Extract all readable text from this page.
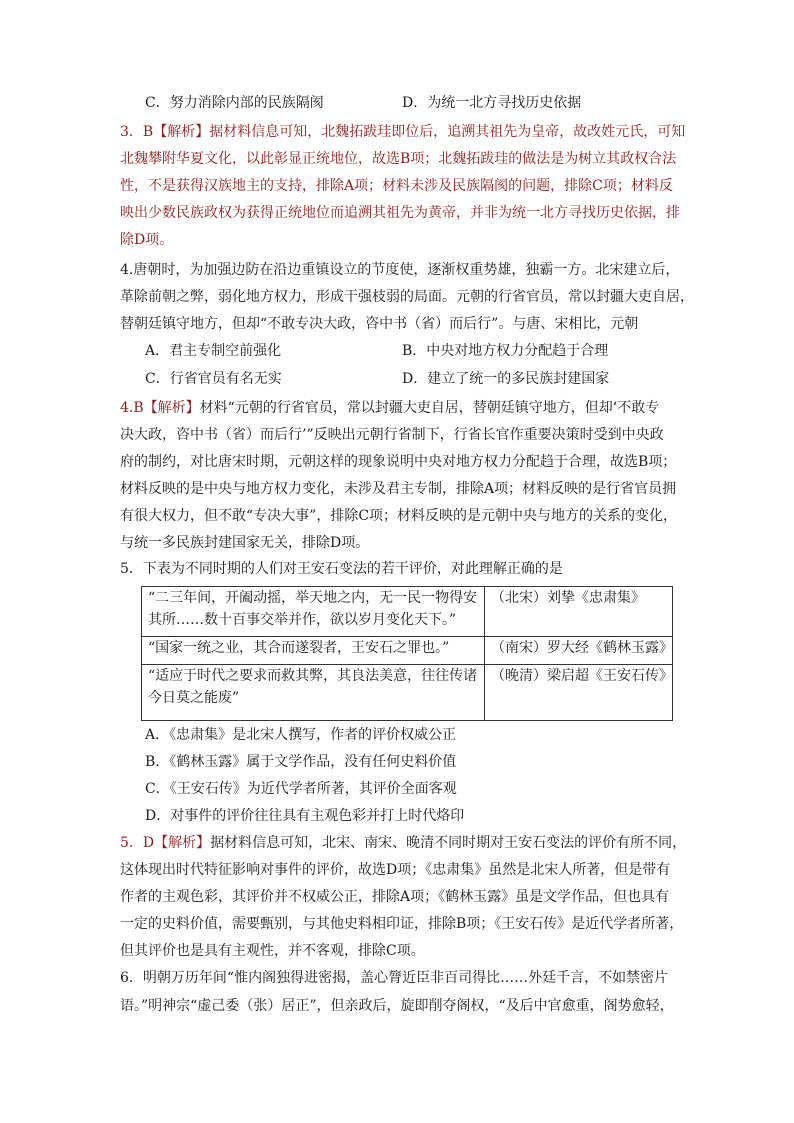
C．努力消除内部的民族隔阂	D．为统一北方寻找历史依据
3．B【解析】据材料信息可知，北魏拓跋珪即位后，追溯其祖先为皇帝，故改姓元氏，可知
北魏攀附华夏文化，以此彰显正统地位，故选B项；北魏拓跋珪的做法是为树立其政权合法
性，不是获得汉族地主的支持，排除A项；材料未涉及民族隔阂的问题，排除C项；材料反
映出少数民族政权为获得正统地位而追溯其祖先为黄帝，并非为统一北方寻找历史依据，排
除D项。
4.唐朝时，为加强边防在沿边重镇设立的节度使，逐渐权重势雄，独霸一方。北宋建立后，
革除前朝之弊，弱化地方权力，形成干强枝弱的局面。元朝的行省官员，常以封疆大吏自居，
替朝廷镇守地方，但却“不敢专决大政，咨中书（省）而后行”。与唐、宋相比，元朝
A．君主专制空前强化	B．中央对地方权力分配趋于合理
C．行省官员有名无实	D．建立了统一的多民族封建国家
4.B【解析】材料“元朝的行省官员，常以封疆大吏自居，替朝廷镇守地方，但却‘不敢专
决大政，咨中书（省）而后行’”反映出元朝行省制下，行省长官作重要决策时受到中央政
府的制约，对比唐宋时期，元朝这样的现象说明中央对地方权力分配趋于合理，故选B项；
材料反映的是中央与地方权力变化，未涉及君主专制，排除A项；材料反映的是行省官员拥
有很大权力，但不敢“专决大事”，排除C项；材料反映的是元朝中央与地方的关系的变化，
与统一多民族封建国家无关，排除D项。
5．下表为不同时期的人们对王安石变法的若干评价，对此理解正确的是
“二三年间，开阖动摇，举天地之内，无一民一物得安其所……数十百事交举并作，欲以岁月变化天下。”	（北宋）刘挚《忠肃集》
“国家一统之业，其合而遂裂者，王安石之罪也。”	（南宋）罗大经《鹤林玉露》
“适应于时代之要求而救其弊，其良法美意，往往传诸今日莫之能废”	（晚清）梁启超《王安石传》
A．《忠肃集》是北宋人撰写，作者的评价权威公正
B．《鹤林玉露》属于文学作品，没有任何史料价值
C．《王安石传》为近代学者所著，其评价全面客观
D．对事件的评价往往具有主观色彩并打上时代烙印
5．D【解析】据材料信息可知，北宋、南宋、晚清不同时期对王安石变法的评价有所不同，
这体现出时代特征影响对事件的评价，故选D项；《忠肃集》虽然是北宋人所著，但是带有
作者的主观色彩，其评价并不权威公正，排除A项；《鹤林玉露》虽是文学作品，但也具有
一定的史料价值，需要甄别，与其他史料相印证，排除B项；《王安石传》是近代学者所著，
但其评价也是具有主观性，并不客观，排除C项。
6．明朝万历年间“惟内阁独得进密揭，盖心膂近臣非百司得比……外廷千言，不如禁密片
语。”明神宗“虚己委（张）居正”，但亲政后，旋即削夺阁权，“及后中官愈重，阁势愈轻，
